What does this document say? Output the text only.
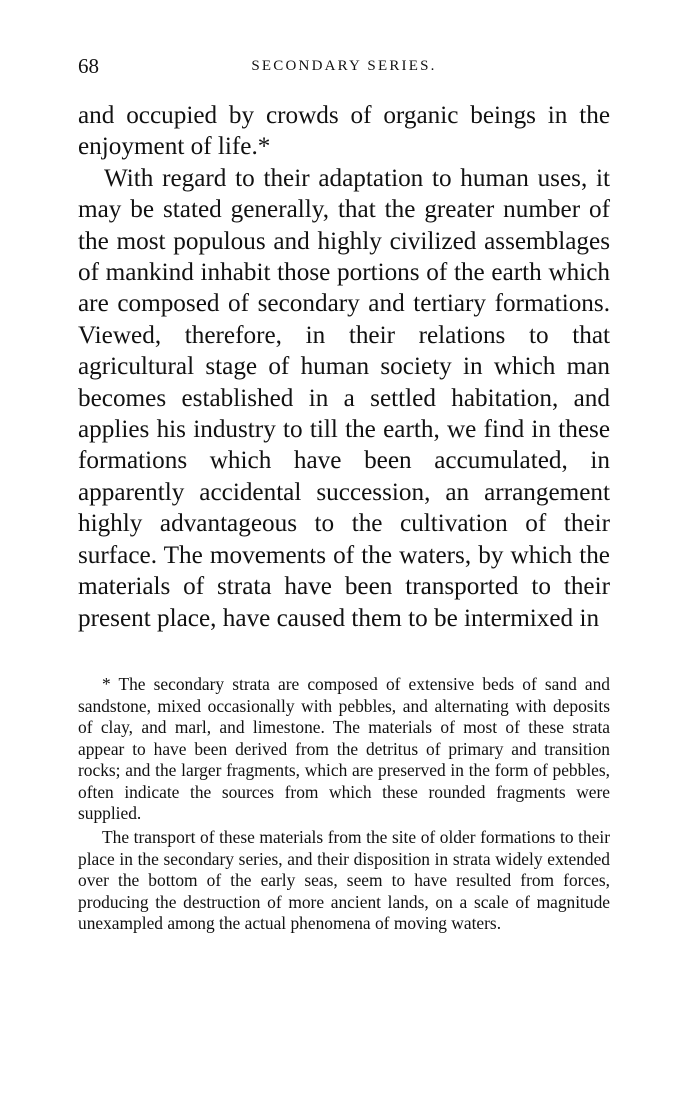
68	SECONDARY SERIES.

and occupied by crowds of organic beings in the enjoyment of life.*

With regard to their adaptation to human uses, it may be stated generally, that the greater number of the most populous and highly civilized assemblages of mankind inhabit those portions of the earth which are composed of secondary and tertiary formations. Viewed, therefore, in their relations to that agricultural stage of human society in which man becomes established in a settled habitation, and applies his industry to till the earth, we find in these formations which have been accumulated, in apparently accidental succession, an arrangement highly advantageous to the cultivation of their surface. The movements of the waters, by which the materials of strata have been transported to their present place, have caused them to be intermixed in

* The secondary strata are composed of extensive beds of sand and sandstone, mixed occasionally with pebbles, and alternating with deposits of clay, and marl, and limestone. The materials of most of these strata appear to have been derived from the detritus of primary and transition rocks; and the larger fragments, which are preserved in the form of pebbles, often indicate the sources from which these rounded fragments were supplied.

The transport of these materials from the site of older formations to their place in the secondary series, and their disposition in strata widely extended over the bottom of the early seas, seem to have resulted from forces, producing the destruction of more ancient lands, on a scale of magnitude unexampled among the actual phenomena of moving waters.
